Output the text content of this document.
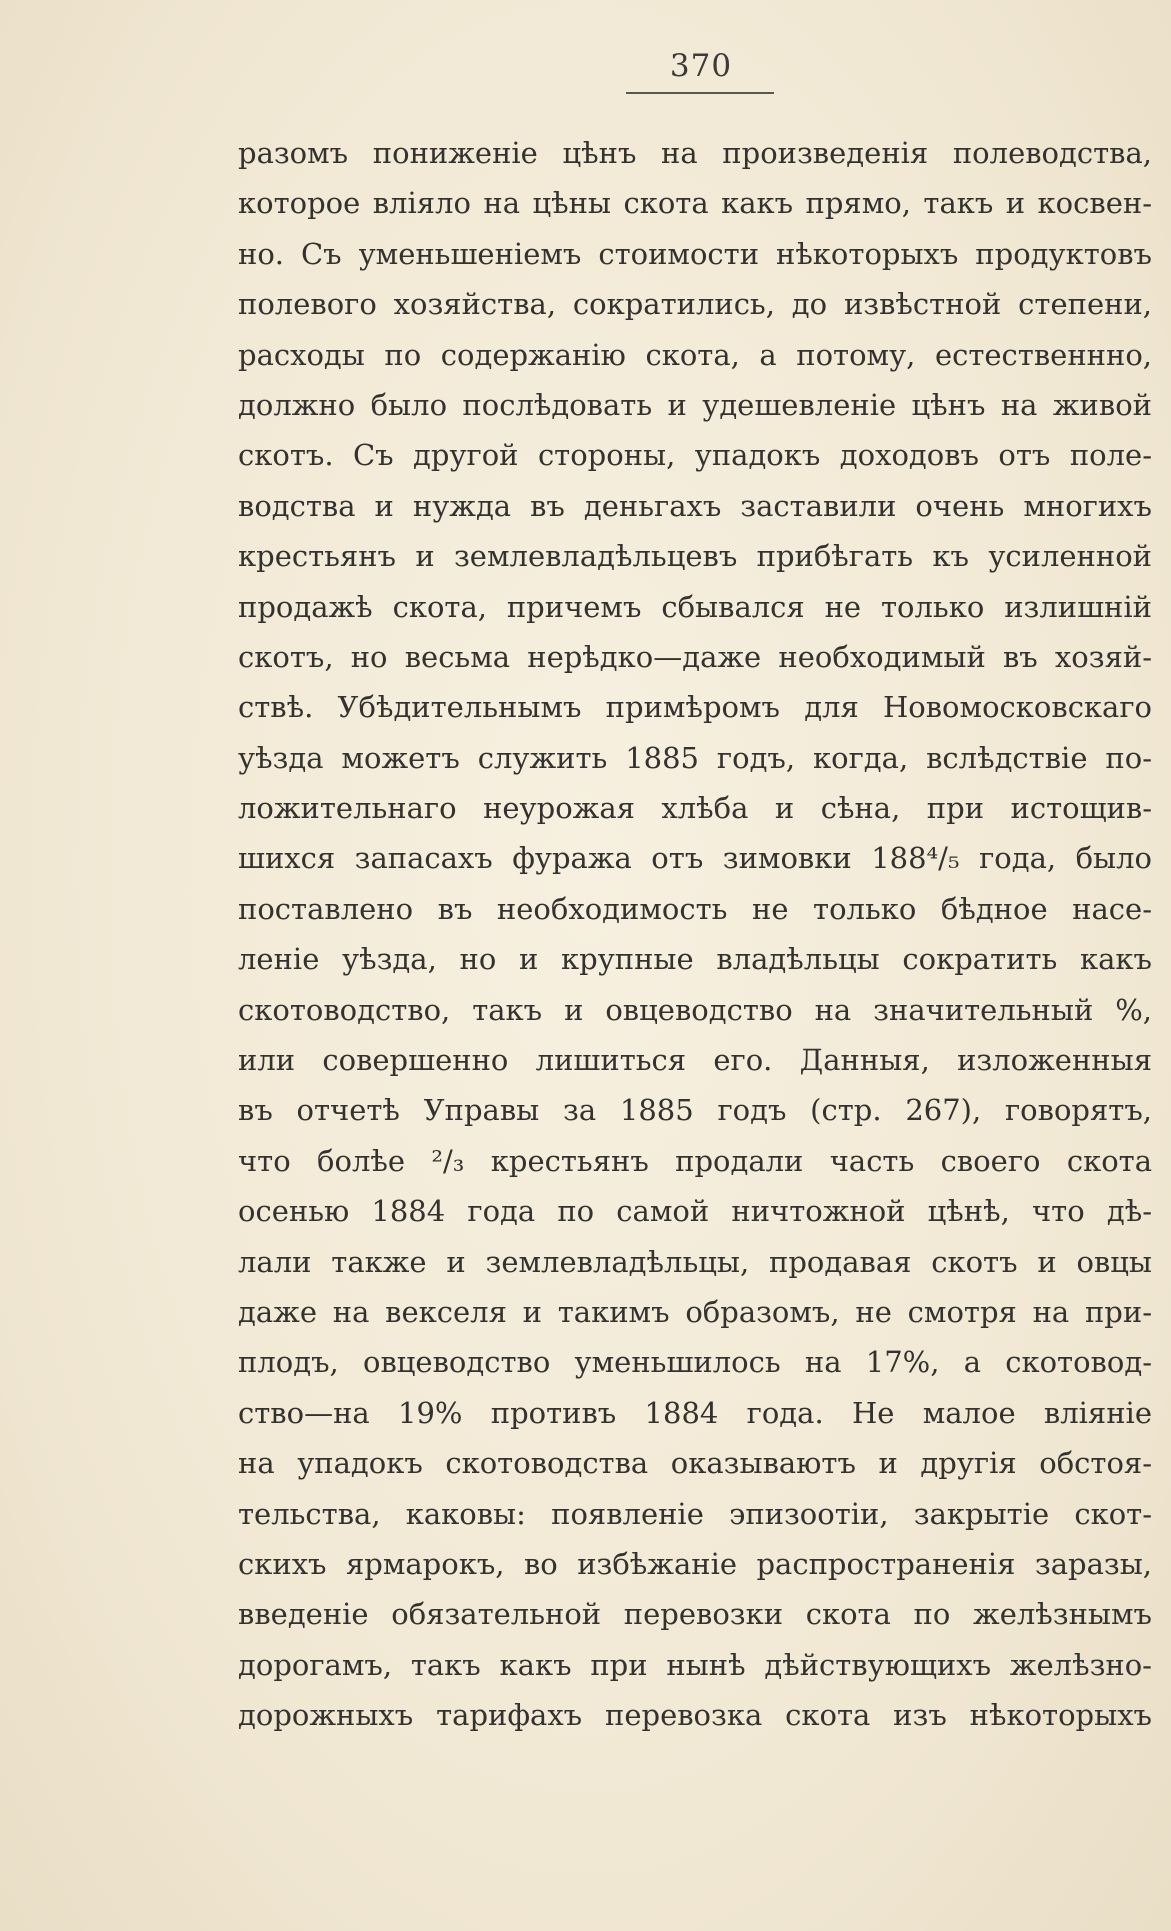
370
разомъ пониженіе цѣнъ на произведенія полеводства,
которое вліяло на цѣны скота какъ прямо, такъ и косвен-
но. Съ уменьшеніемъ стоимости нѣкоторыхъ продуктовъ
полевого хозяйства, сократились, до извѣстной степени,
расходы по содержанію скота, а потому, естественнно,
должно было послѣдовать и удешевленіе цѣнъ на живой
скотъ. Съ другой стороны, упадокъ доходовъ отъ поле-
водства и нужда въ деньгахъ заставили очень многихъ
крестьянъ и землевладѣльцевъ прибѣгать къ усиленной
продажѣ скота, причемъ сбывался не только излишній
скотъ, но весьма нерѣдко—даже необходимый въ хозяй-
ствѣ. Убѣдительнымъ примѣромъ для Новомосковскаго
уѣзда можетъ служить 1885 годъ, когда, вслѣдствіе по-
ложительнаго неурожая хлѣба и сѣна, при истощив-
шихся запасахъ фуража отъ зимовки 188⁴/₅ года, было
поставлено въ необходимость не только бѣдное насе-
леніе уѣзда, но и крупные владѣльцы сократить какъ
скотоводство, такъ и овцеводство на значительный %,
или совершенно лишиться его. Данныя, изложенныя
въ отчетѣ Управы за 1885 годъ (стр. 267), говорятъ,
что болѣе ²/₃ крестьянъ продали часть своего скота
осенью 1884 года по самой ничтожной цѣнѣ, что дѣ-
лали также и землевладѣльцы, продавая скотъ и овцы
даже на векселя и такимъ образомъ, не смотря на при-
плодъ, овцеводство уменьшилось на 17%, а скотовод-
ство—на 19% противъ 1884 года. Не малое вліяніе
на упадокъ скотоводства оказываютъ и другія обстоя-
тельства, каковы: появленіе эпизоотіи, закрытіе скот-
скихъ ярмарокъ, во избѣжаніе распространенія заразы,
введеніе обязательной перевозки скота по желѣзнымъ
дорогамъ, такъ какъ при нынѣ дѣйствующихъ желѣзно-
дорожныхъ тарифахъ перевозка скота изъ нѣкоторыхъ
